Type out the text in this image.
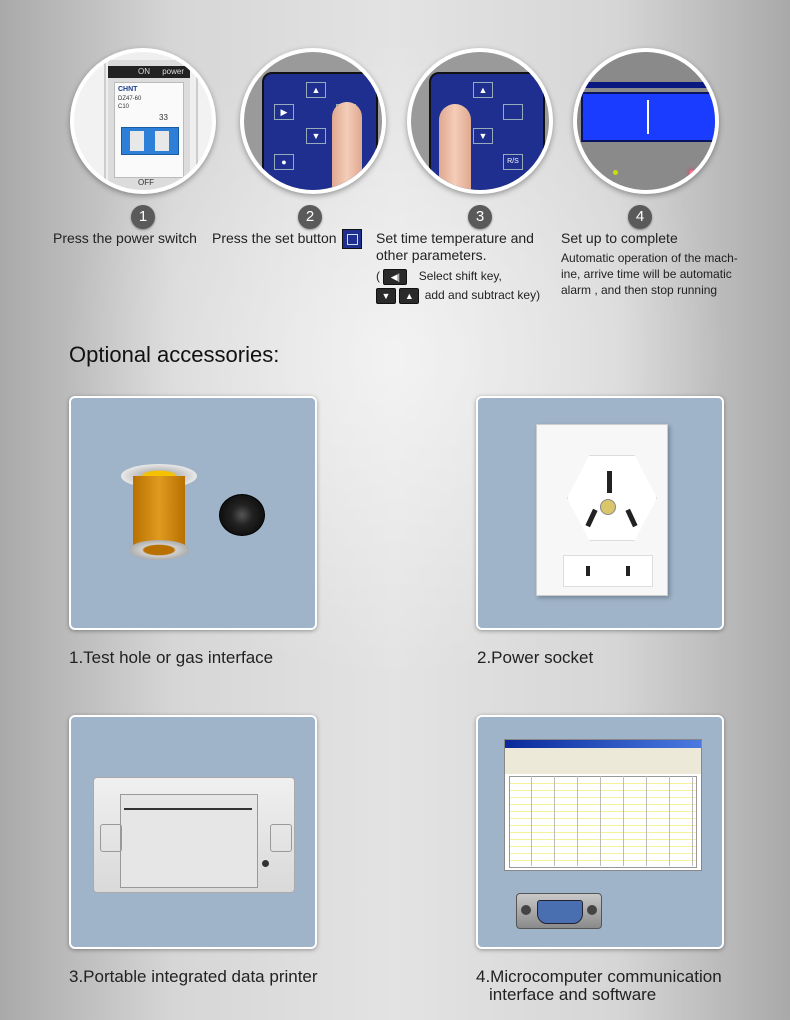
ON power
CHNT
DZ47-60
C10
33
OFF
1
Press the power switch
▲
▶
▼
●
2
Press the set button
▲
▼
R/S
3
Set time temperature and
other parameters.
( ◀| Select shift key,
▼ ▲ add and subtract key)
4
Set up to complete
Automatic operation of the mach-
ine, arrive time will be automatic
alarm , and then stop running
Optional accessories:
1.Test hole or gas interface	2.Power socket
3.Portable integrated data printer	4.Microcomputer communication
interface and software
